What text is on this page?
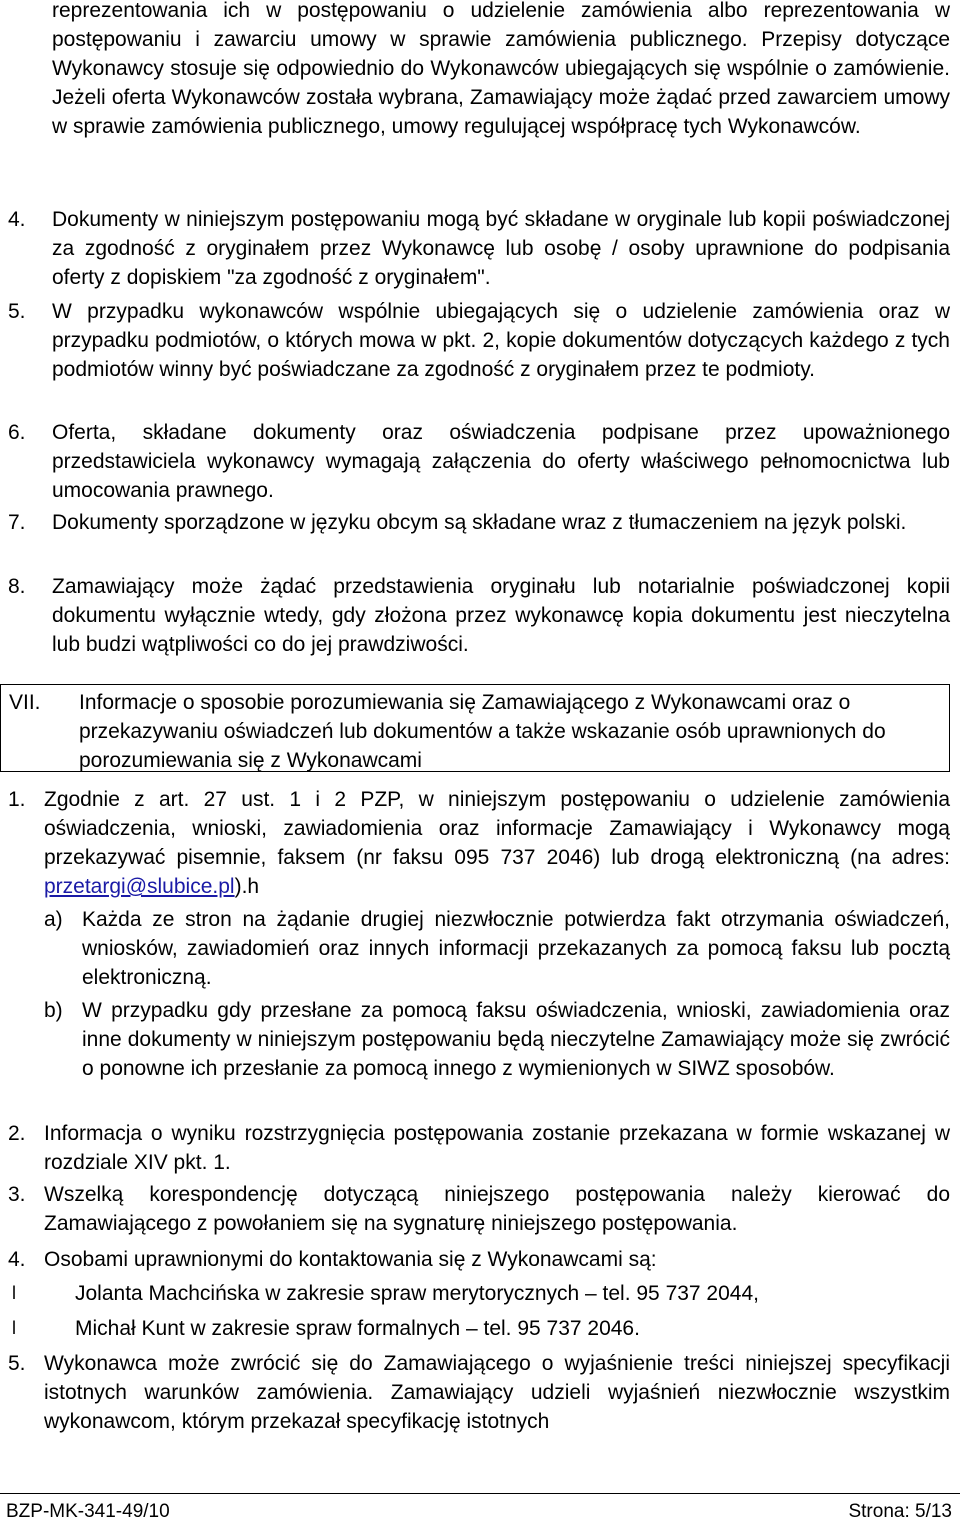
reprezentowania ich w postępowaniu o udzielenie zamówienia albo reprezentowania w postępowaniu i zawarciu umowy w sprawie zamówienia publicznego. Przepisy dotyczące Wykonawcy stosuje się odpowiednio do Wykonawców ubiegających się wspólnie o zamówienie. Jeżeli oferta Wykonawców została wybrana, Zamawiający może żądać przed zawarciem umowy w sprawie zamówienia publicznego, umowy regulującej współpracę tych Wykonawców.

4. Dokumenty w niniejszym postępowaniu mogą być składane w oryginale lub kopii poświadczonej za zgodność z oryginałem przez Wykonawcę lub osobę / osoby uprawnione do podpisania oferty z dopiskiem "za zgodność z oryginałem".

5. W przypadku wykonawców wspólnie ubiegających się o udzielenie zamówienia oraz w przypadku podmiotów, o których mowa w pkt. 2, kopie dokumentów dotyczących każdego z tych podmiotów winny być poświadczane za zgodność z oryginałem przez te podmioty.

6. Oferta, składane dokumenty oraz oświadczenia podpisane przez upoważnionego przedstawiciela wykonawcy wymagają załączenia do oferty właściwego pełnomocnictwa lub umocowania prawnego.

7. Dokumenty sporządzone w języku obcym są składane wraz z tłumaczeniem na język polski.

8. Zamawiający może żądać przedstawienia oryginału lub notarialnie poświadczonej kopii dokumentu wyłącznie wtedy, gdy złożona przez wykonawcę kopia dokumentu jest nieczytelna lub budzi wątpliwości co do jej prawdziwości.

VII. Informacje o sposobie porozumiewania się Zamawiającego z Wykonawcami oraz o przekazywaniu oświadczeń lub dokumentów a także wskazanie osób uprawnionych do porozumiewania się z Wykonawcami
1. Zgodnie z art. 27 ust. 1 i 2 PZP, w niniejszym postępowaniu o udzielenie zamówienia oświadczenia, wnioski, zawiadomienia oraz informacje Zamawiający i Wykonawcy mogą przekazywać pisemnie, faksem (nr faksu 095 737 2046) lub drogą elektroniczną (na adres: przetargi@slubice.pl).h

a) Każda ze stron na żądanie drugiej niezwłocznie potwierdza fakt otrzymania oświadczeń, wniosków, zawiadomień oraz innych informacji przekazanych za pomocą faksu lub pocztą elektroniczną.

b) W przypadku gdy przesłane za pomocą faksu oświadczenia, wnioski, zawiadomienia oraz inne dokumenty w niniejszym postępowaniu będą nieczytelne Zamawiający może się zwrócić o ponowne ich przesłanie za pomocą innego z wymienionych w SIWZ sposobów.

2. Informacja o wyniku rozstrzygnięcia postępowania zostanie przekazana w formie wskazanej w rozdziale XIV pkt. 1.

3. Wszelką korespondencję dotyczącą niniejszego postępowania należy kierować do Zamawiającego z powołaniem się na sygnaturę niniejszego postępowania.

4. Osobami uprawnionymi do kontaktowania się z Wykonawcami są:

l	Jolanta Machcińska w zakresie spraw merytorycznych – tel. 95 737 2044,
l	Michał Kunt w zakresie spraw formalnych – tel. 95 737 2046.
5. Wykonawca może zwrócić się do Zamawiającego o wyjaśnienie treści niniejszej specyfikacji istotnych warunków zamówienia. Zamawiający udzieli wyjaśnień niezwłocznie wszystkim wykonawcom, którym przekazał specyfikację istotnych

BZP-MK-341-49/10	Strona: 5/13
